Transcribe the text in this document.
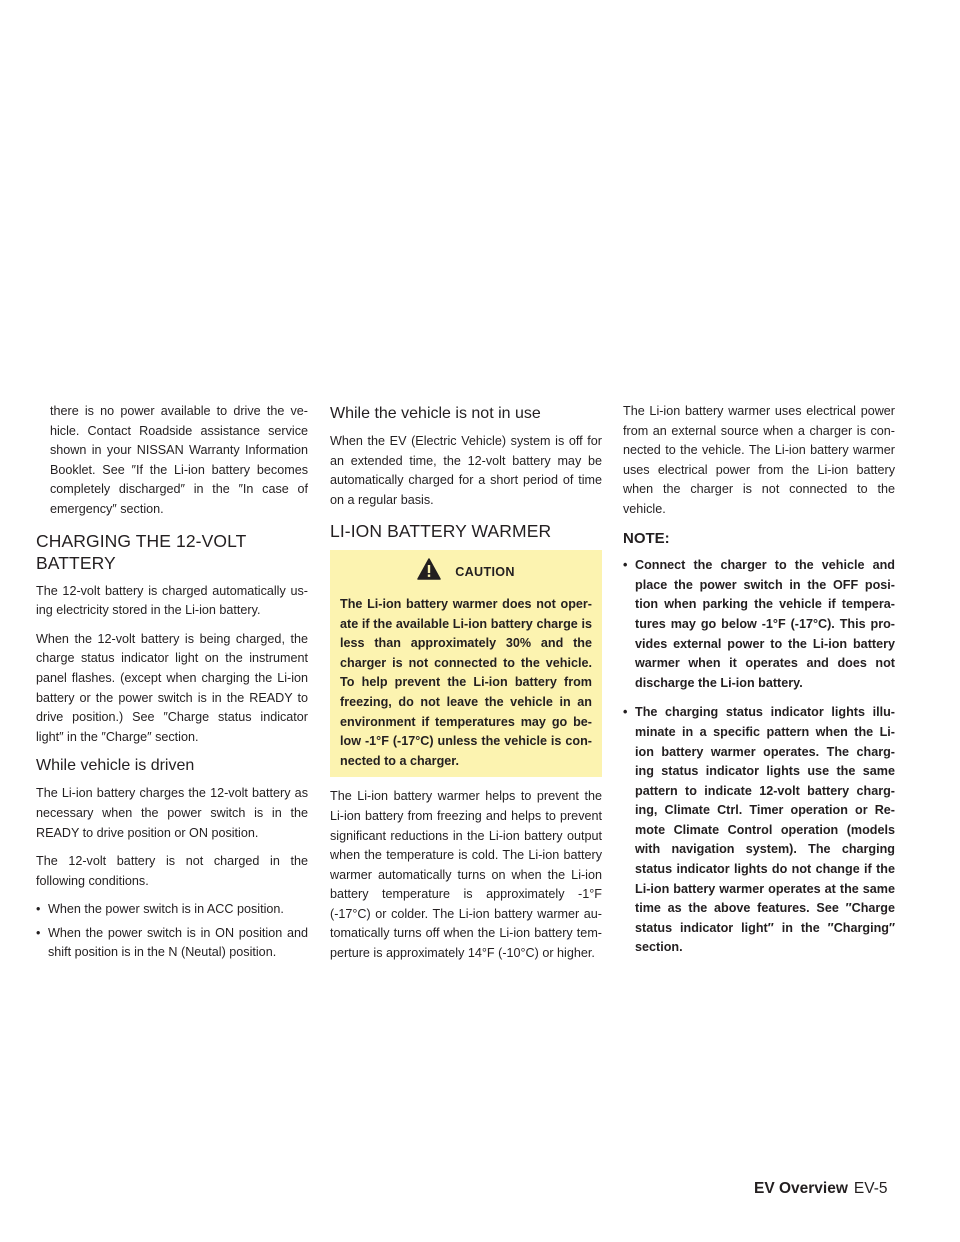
there is no power available to drive the ve- hicle. Contact Roadside assistance service shown in your NISSAN Warranty Information Booklet. See ″If the Li-ion battery becomes completely discharged″ in the ″In case of emergency″ section.

CHARGING THE 12-VOLT BATTERY

The 12-volt battery is charged automatically us- ing electricity stored in the Li-ion battery.

When the 12-volt battery is being charged, the charge status indicator light on the instrument panel flashes. (except when charging the Li-ion battery or the power switch is in the READY to drive position.) See ″Charge status indicator light″ in the ″Charge″ section.

While vehicle is driven

The Li-ion battery charges the 12-volt battery as necessary when the power switch is in the READY to drive position or ON position.

The 12-volt battery is not charged in the following conditions.

• When the power switch is in ACC position.
• When the power switch is in ON position and shift position is in the N (Neutal) position.
While the vehicle is not in use

When the EV (Electric Vehicle) system is off for an extended time, the 12-volt battery may be automatically charged for a short period of time on a regular basis.

LI-ION BATTERY WARMER
CAUTION
The Li-ion battery warmer does not oper- ate if the available Li-ion battery charge is less than approximately 30% and the charger is not connected to the vehicle. To help prevent the Li-ion battery from freezing, do not leave the vehicle in an environment if temperatures may go be- low -1°F (-17°C) unless the vehicle is con- nected to a charger.

The Li-ion battery warmer helps to prevent the Li-ion battery from freezing and helps to prevent significant reductions in the Li-ion battery output when the temperature is cold. The Li-ion battery warmer automatically turns on when the Li-ion battery temperature is approximately -1°F (-17°C) or colder. The Li-ion battery warmer au- tomatically turns off when the Li-ion battery tem- perture is approximately 14°F (-10°C) or higher.

The Li-ion battery warmer uses electrical power from an external source when a charger is con- nected to the vehicle. The Li-ion battery warmer uses electrical power from the Li-ion battery when the charger is not connected to the vehicle.

NOTE:
• Connect the charger to the vehicle and place the power switch in the OFF posi- tion when parking the vehicle if tempera- tures may go below -1°F (-17°C). This pro- vides external power to the Li-ion battery warmer when it operates and does not discharge the Li-ion battery.
• The charging status indicator lights illu- minate in a specific pattern when the Li- ion battery warmer operates. The charg- ing status indicator lights use the same pattern to indicate 12-volt battery charg- ing, Climate Ctrl. Timer operation or Re- mote Climate Control operation (models with navigation system). The charging status indicator lights do not change if the Li-ion battery warmer operates at the same time as the above features. See ″Charge status indicator light″ in the ″Charging″ section.
EV Overview EV-5
